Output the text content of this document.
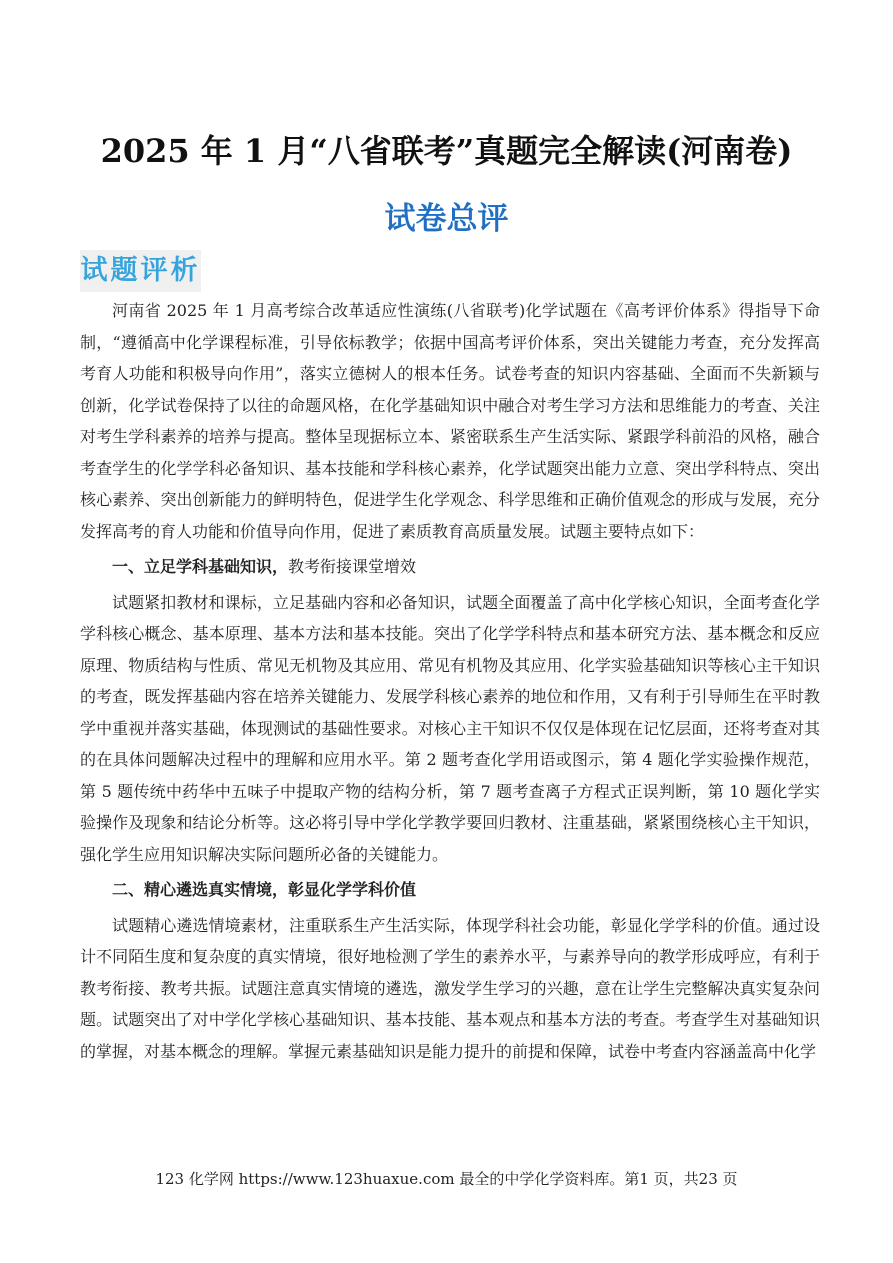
2025 年 1 月“八省联考”真题完全解读(河南卷)
试卷总评
试题评析

河南省 2025 年 1 月高考综合改革适应性演练(八省联考)化学试题在《高考评价体系》得指导下命制，“遵循高中化学课程标准，引导依标教学；依据中国高考评价体系，突出关键能力考查，充分发挥高考育人功能和积极导向作用”，落实立德树人的根本任务。试卷考查的知识内容基础、全面而不失新颖与创新，化学试卷保持了以往的命题风格，在化学基础知识中融合对考生学习方法和思维能力的考查、关注对考生学科素养的培养与提高。整体呈现据标立本、紧密联系生产生活实际、紧跟学科前沿的风格，融合考查学生的化学学科必备知识、基本技能和学科核心素养，化学试题突出能力立意、突出学科特点、突出核心素养、突出创新能力的鲜明特色，促进学生化学观念、科学思维和正确价值观念的形成与发展，充分发挥高考的育人功能和价值导向作用，促进了素质教育高质量发展。试题主要特点如下：

一、立足学科基础知识，教考衔接课堂增效

试题紧扣教材和课标，立足基础内容和必备知识，试题全面覆盖了高中化学核心知识，全面考查化学学科核心概念、基本原理、基本方法和基本技能。突出了化学学科特点和基本研究方法、基本概念和反应原理、物质结构与性质、常见无机物及其应用、常见有机物及其应用、化学实验基础知识等核心主干知识的考查，既发挥基础内容在培养关键能力、发展学科核心素养的地位和作用，又有利于引导师生在平时教学中重视并落实基础，体现测试的基础性要求。对核心主干知识不仅仅是体现在记忆层面，还将考查对其的在具体问题解决过程中的理解和应用水平。第 2 题考查化学用语或图示，第 4 题化学实验操作规范，第 5 题传统中药华中五味子中提取产物的结构分析，第 7 题考查离子方程式正误判断，第 10 题化学实验操作及现象和结论分析等。这必将引导中学化学教学要回归教材、注重基础，紧紧围绕核心主干知识，强化学生应用知识解决实际问题所必备的关键能力。

二、精心遴选真实情境，彰显化学学科价值

试题精心遴选情境素材，注重联系生产生活实际，体现学科社会功能，彰显化学学科的价值。通过设计不同陌生度和复杂度的真实情境，很好地检测了学生的素养水平，与素养导向的教学形成呼应，有利于教考衔接、教考共振。试题注意真实情境的遴选，激发学生学习的兴趣，意在让学生完整解决真实复杂问题。试题突出了对中学化学核心基础知识、基本技能、基本观点和基本方法的考查。考查学生对基础知识的掌握，对基本概念的理解。掌握元素基础知识是能力提升的前提和保障，试卷中考查内容涵盖高中化学

123 化学网 https://www.123huaxue.com 最全的中学化学资料库。第1 页，共23 页
